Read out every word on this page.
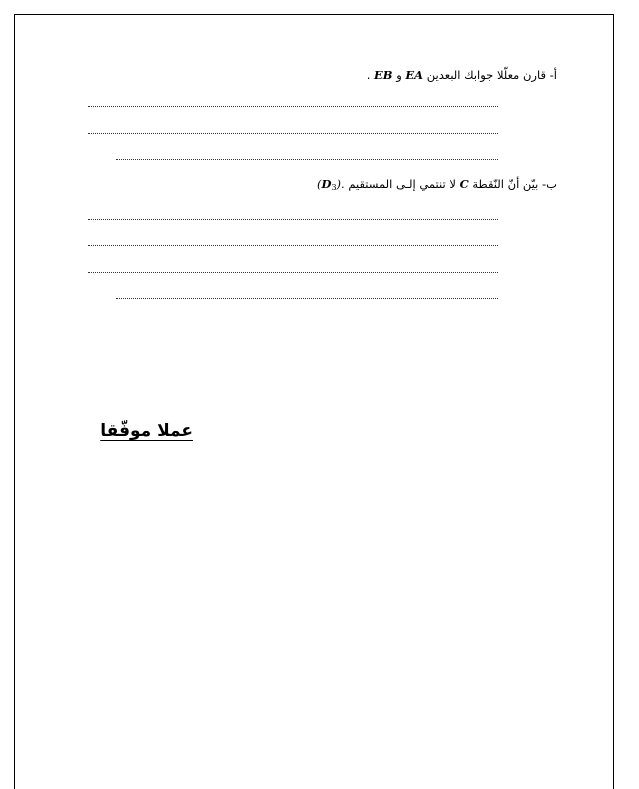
أ- قارن معلّلا جوابك البعدين EA و EB .
ب- بيّن أنّ النّقطة C لا تنتمي إلـى المستقيم $(D_3)$.
عملا موفّقا
